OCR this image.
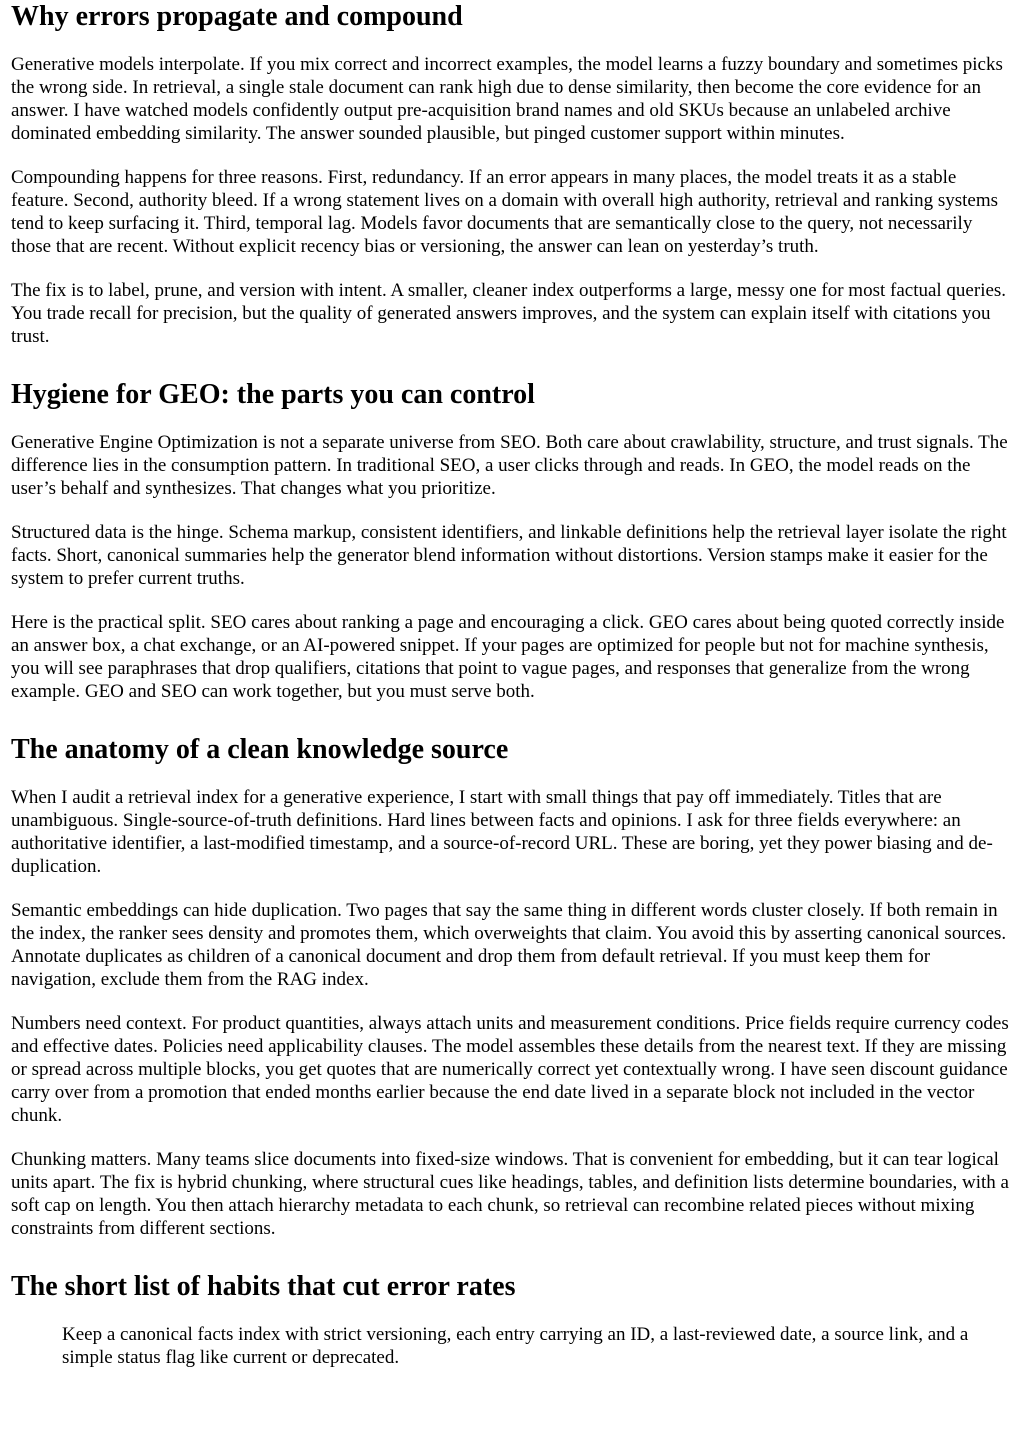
Why errors propagate and compound

Generative models interpolate. If you mix correct and incorrect examples, the model learns a fuzzy boundary and sometimes picks the wrong side. In retrieval, a single stale document can rank high due to dense similarity, then become the core evidence for an answer. I have watched models confidently output pre-acquisition brand names and old SKUs because an unlabeled archive dominated embedding similarity. The answer sounded plausible, but pinged customer support within minutes.

Compounding happens for three reasons. First, redundancy. If an error appears in many places, the model treats it as a stable feature. Second, authority bleed. If a wrong statement lives on a domain with overall high authority, retrieval and ranking systems tend to keep surfacing it. Third, temporal lag. Models favor documents that are semantically close to the query, not necessarily those that are recent. Without explicit recency bias or versioning, the answer can lean on yesterday’s truth.

The fix is to label, prune, and version with intent. A smaller, cleaner index outperforms a large, messy one for most factual queries. You trade recall for precision, but the quality of generated answers improves, and the system can explain itself with citations you trust.

Hygiene for GEO: the parts you can control

Generative Engine Optimization is not a separate universe from SEO. Both care about crawlability, structure, and trust signals. The difference lies in the consumption pattern. In traditional SEO, a user clicks through and reads. In GEO, the model reads on the user’s behalf and synthesizes. That changes what you prioritize.

Structured data is the hinge. Schema markup, consistent identifiers, and linkable definitions help the retrieval layer isolate the right facts. Short, canonical summaries help the generator blend information without distortions. Version stamps make it easier for the system to prefer current truths.

Here is the practical split. SEO cares about ranking a page and encouraging a click. GEO cares about being quoted correctly inside an answer box, a chat exchange, or an AI-powered snippet. If your pages are optimized for people but not for machine synthesis, you will see paraphrases that drop qualifiers, citations that point to vague pages, and responses that generalize from the wrong example. GEO and SEO can work together, but you must serve both.

The anatomy of a clean knowledge source

When I audit a retrieval index for a generative experience, I start with small things that pay off immediately. Titles that are unambiguous. Single-source-of-truth definitions. Hard lines between facts and opinions. I ask for three fields everywhere: an authoritative identifier, a last-modified timestamp, and a source-of-record URL. These are boring, yet they power biasing and de-duplication.

Semantic embeddings can hide duplication. Two pages that say the same thing in different words cluster closely. If both remain in the index, the ranker sees density and promotes them, which overweights that claim. You avoid this by asserting canonical sources. Annotate duplicates as children of a canonical document and drop them from default retrieval. If you must keep them for navigation, exclude them from the RAG index.

Numbers need context. For product quantities, always attach units and measurement conditions. Price fields require currency codes and effective dates. Policies need applicability clauses. The model assembles these details from the nearest text. If they are missing or spread across multiple blocks, you get quotes that are numerically correct yet contextually wrong. I have seen discount guidance carry over from a promotion that ended months earlier because the end date lived in a separate block not included in the vector chunk.

Chunking matters. Many teams slice documents into fixed-size windows. That is convenient for embedding, but it can tear logical units apart. The fix is hybrid chunking, where structural cues like headings, tables, and definition lists determine boundaries, with a soft cap on length. You then attach hierarchy metadata to each chunk, so retrieval can recombine related pieces without mixing constraints from different sections.

The short list of habits that cut error rates
Keep a canonical facts index with strict versioning, each entry carrying an ID, a last-reviewed date, a source link, and a simple status flag like current or deprecated.
